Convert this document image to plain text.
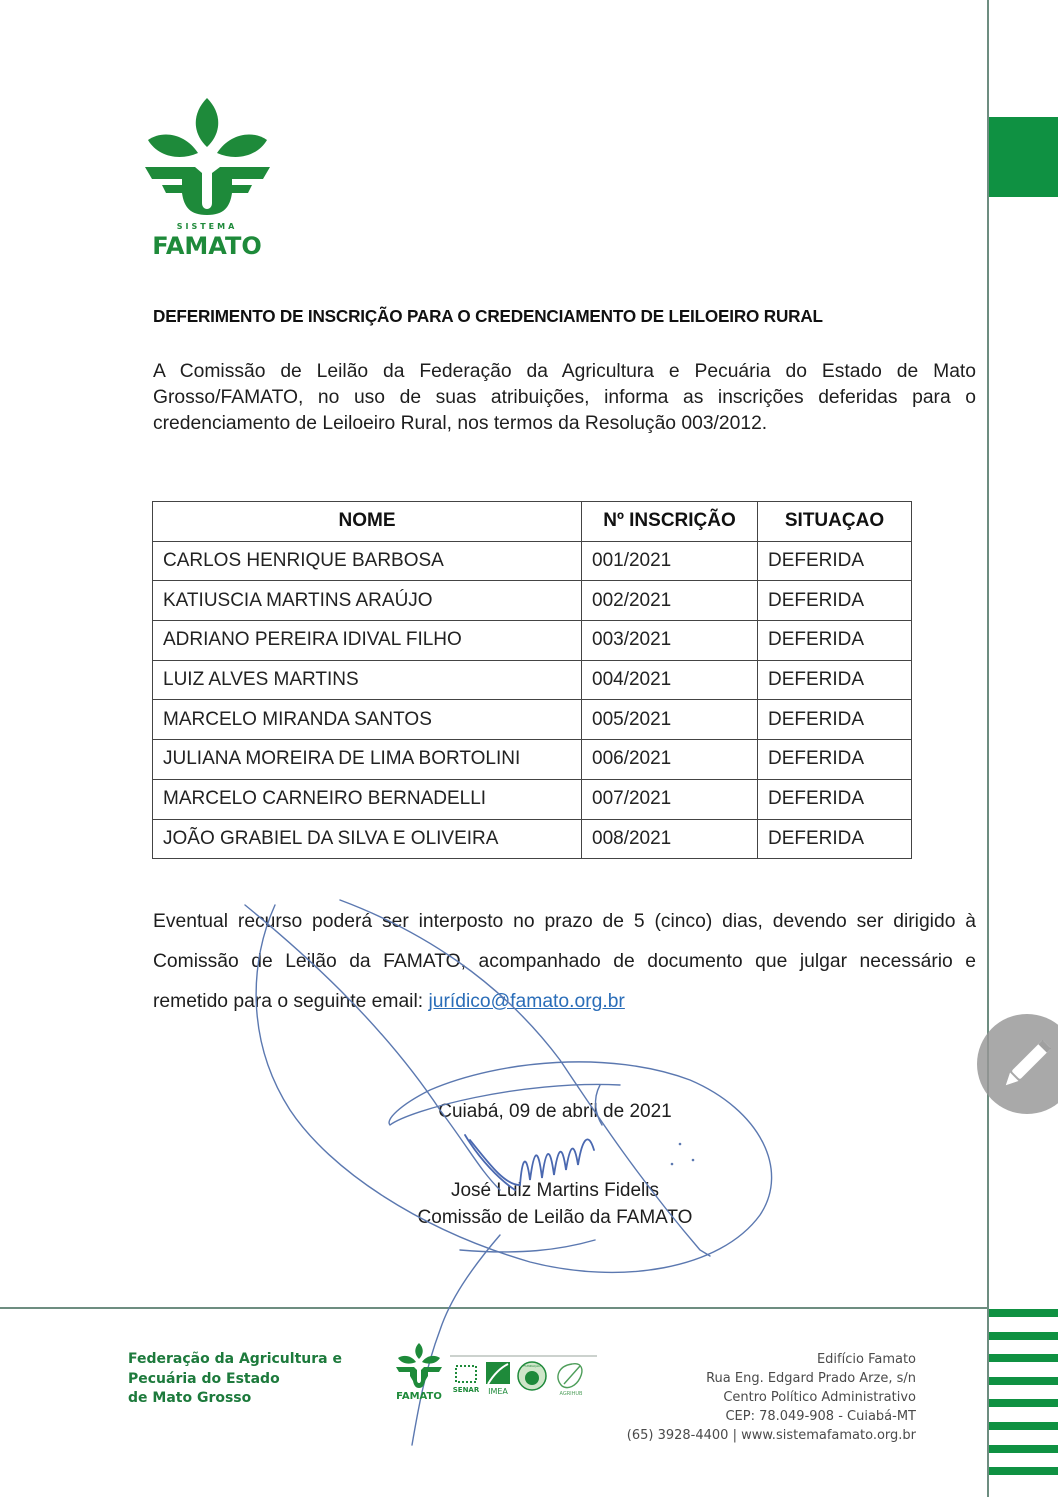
SISTEMA
FAMATO
DEFERIMENTO DE INSCRIÇÃO PARA O CREDENCIAMENTO DE LEILOEIRO RURAL
A Comissão de Leilão da Federação da Agricultura e Pecuária do Estado de Mato Grosso/FAMATO, no uso de suas atribuições, informa as inscrições deferidas para o credenciamento de Leiloeiro Rural, nos termos da Resolução 003/2012.
NOME	Nº INSCRIÇÃO	SITUAÇAO
CARLOS HENRIQUE BARBOSA	001/2021	DEFERIDA
KATIUSCIA MARTINS ARAÚJO	002/2021	DEFERIDA
ADRIANO PEREIRA IDIVAL FILHO	003/2021	DEFERIDA
LUIZ ALVES MARTINS	004/2021	DEFERIDA
MARCELO MIRANDA SANTOS	005/2021	DEFERIDA
JULIANA MOREIRA DE LIMA BORTOLINI	006/2021	DEFERIDA
MARCELO CARNEIRO BERNADELLI	007/2021	DEFERIDA
JOÃO GRABIEL DA SILVA E OLIVEIRA	008/2021	DEFERIDA
Eventual recurso poderá ser interposto no prazo de 5 (cinco) dias, devendo ser dirigido à Comissão de Leilão da FAMATO, acompanhado de documento que julgar necessário e remetido para o seguinte email: jurídico@famato.org.br
Cuiabá, 09 de abril de 2021
José Luiz Martins Fidelis
Comissão de Leilão da FAMATO
Federação da Agricultura e
Pecuária do Estado
de Mato Grosso	FAMATO
SENAR IMEA
FUNDAÇÃO
AGRIHUB
Edifício Famato
Rua Eng. Edgard Prado Arze, s/n
Centro Político Administrativo
CEP: 78.049-908 - Cuiabá-MT
(65) 3928-4400 | www.sistemafamato.org.br
